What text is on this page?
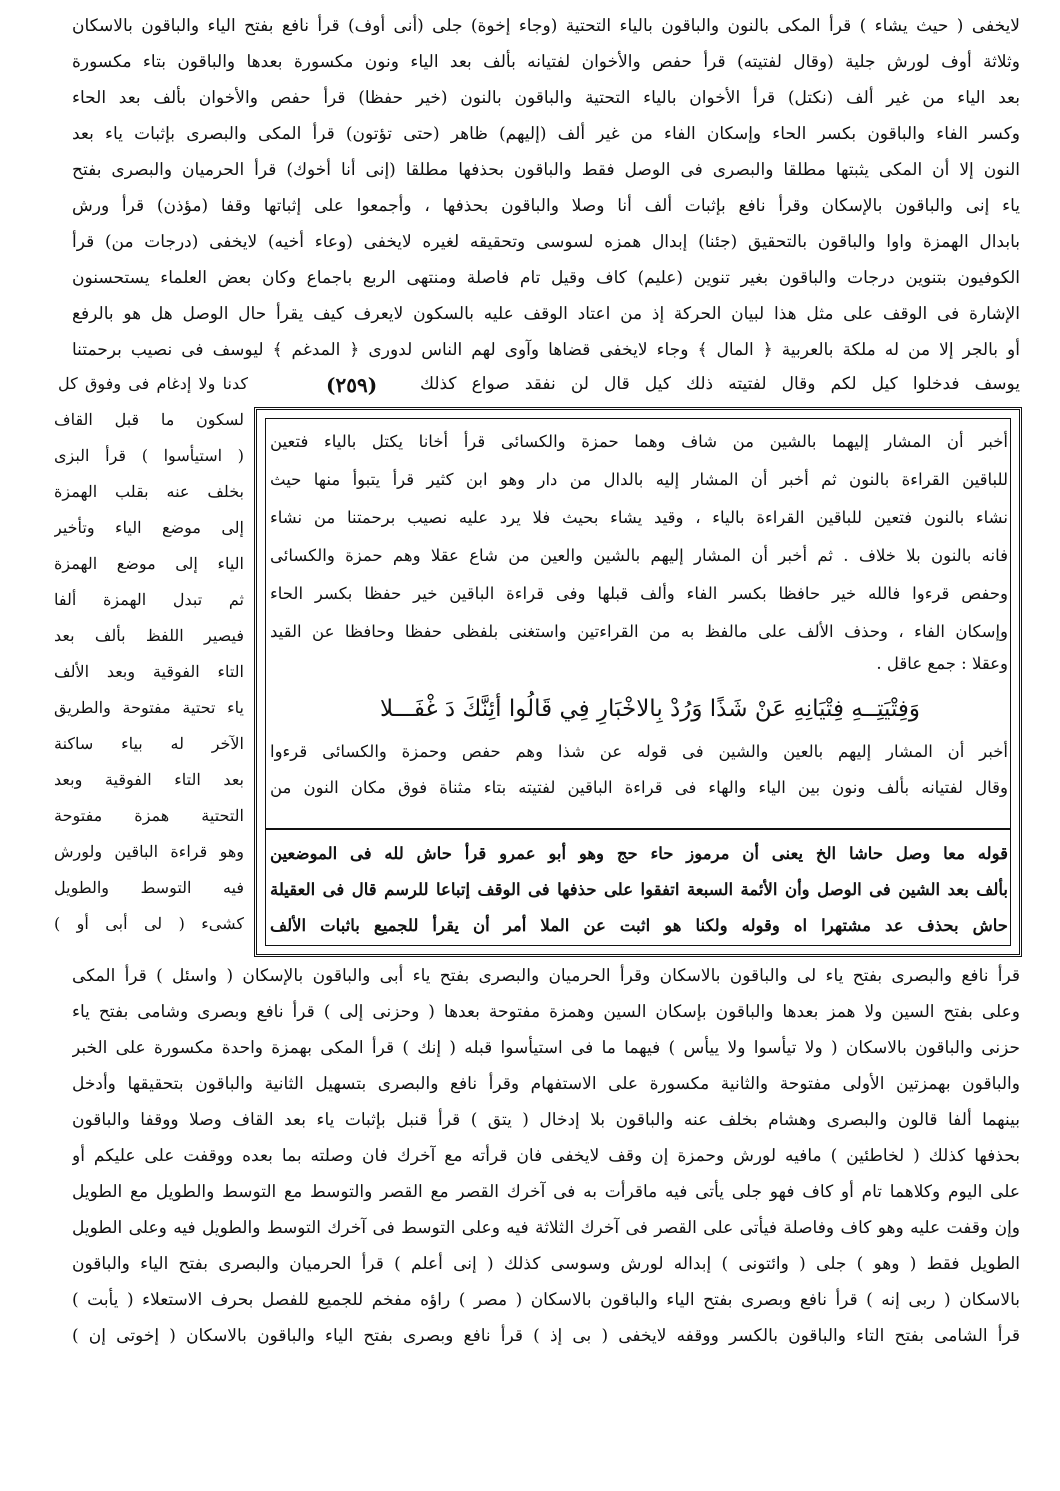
لايخفى ( حيث يشاء ) قرأ المكى بالنون والباقون بالياء التحتية (وجاء إخوة) جلى (أنى أوف) قرأ نافع بفتح الياء والباقون بالاسكان
وثلاثة أوف لورش جلية (وقال لفتيته) قرأ حفص والأخوان لفتيانه بألف بعد الياء ونون مكسورة بعدها والباقون بتاء مكسورة
بعد الياء من غير ألف (نكتل) قرأ الأخوان بالياء التحتية والباقون بالنون (خير حفظا) قرأ حفص والأخوان بألف بعد الحاء
وكسر الفاء والباقون بكسر الحاء وإسكان الفاء من غير ألف (إليهم) ظاهر (حتى تؤتون) قرأ المكى والبصرى بإثبات ياء بعد
النون إلا أن المكى يثبتها مطلقا والبصرى فى الوصل فقط والباقون بحذفها مطلقا (إنى أنا أخوك) قرأ الحرميان والبصرى بفتح
ياء إنى والباقون بالإسكان وقرأ نافع بإثبات ألف أنا وصلا والباقون بحذفها ، وأجمعوا على إثباتها وقفا (مؤذن) قرأ ورش
بابدال الهمزة واوا والباقون بالتحقيق (جئنا) إبدال همزه لسوسى وتحقيقه لغيره لايخفى (وعاء أخيه) لايخفى (درجات من) قرأ
الكوفيون بتنوين درجات والباقون بغير تنوين (عليم) كاف وقيل تام فاصلة ومنتهى الربع باجماع وكان بعض العلماء يستحسنون
الإشارة فى الوقف على مثل هذا لبيان الحركة إذ من اعتاد الوقف عليه بالسكون لايعرف كيف يقرأ حال الوصل هل هو بالرفع
أو بالجر إلا من له ملكة بالعربية ﴿ المال ﴾ وجاء لايخفى قضاها وآوى لهم الناس لدورى ﴿ المدغم ﴾ ليوسف فى نصيب برحمتنا
يوسف فدخلوا كيل لكم وقال لفتيته ذلك كيل قال لن نفقد صواع كذلك
(٢٥٩)
كدنا ولا إدغام فى وفوق كل
لسكون ما قبل القاف
( استيأسوا ) قرأ البزى
بخلف عنه بقلب الهمزة
إلى موضع الياء وتأخير
الياء إلى موضع الهمزة
ثم تبدل الهمزة ألفا
فيصير اللفظ بألف بعد
التاء الفوقية وبعد الألف
ياء تحتية مفتوحة والطريق
الآخر له بياء ساكنة
بعد التاء الفوقية وبعد
التحتية همزة مفتوحة
وهو قراءة الباقين ولورش
فيه التوسط والطويل
كشىء ( لى أبى أو )
أخبر أن المشار إليهما بالشين من شاف وهما حمزة والكسائى قرأ أخانا يكتل بالياء فتعين
للباقين القراءة بالنون ثم أخبر أن المشار إليه بالدال من دار وهو ابن كثير قرأ يتبوأ منها حيث
نشاء بالنون فتعين للباقين القراءة بالياء ، وقيد يشاء بحيث فلا يرد عليه نصيب برحمتنا من نشاء
فانه بالنون بلا خلاف . ثم أخبر أن المشار إليهم بالشين والعين من شاع عقلا وهم حمزة والكسائى
وحفص قرءوا فالله خير حافظا بكسر الفاء وألف قبلها وفى قراءة الباقين خير حفظا بكسر الحاء
وإسكان الفاء ، وحذف الألف على مالفظ به من القراءتين واستغنى بلفظى حفظا وحافظا عن القيد
وعقلا : جمع عاقل .
أخبر أن المشار إليهم بالعين والشين فى قوله عن شذا وهم حفص وحمزة والكسائى قرءوا
وقال لفتيانه بألف ونون بين الياء والهاء فى قراءة الباقين لفتيته بتاء مثناة فوق مكان النون من
قوله معا وصل حاشا الخ يعنى أن مرموز حاء حج وهو أبو عمرو قرأ حاش لله فى الموضعين
بألف بعد الشين فى الوصل وأن الأئمة السبعة اتفقوا على حذفها فى الوقف إتباعا للرسم قال فى العقيلة
حاش بحذف عد مشتهرا اه وقوله ولكنا هو اثبت عن الملا أمر أن يقرأ للجميع باثبات الألف
وَفِتْيَتِــهِ فِتْيَانِهِ عَنْ شَذًا وَرُدْ بِالاخْبَارِ فِي قَالُوا أئِنَّكَ دَ غْفَـــلا
قرأ نافع والبصرى بفتح ياء لى والباقون بالاسكان وقرأ الحرميان والبصرى بفتح ياء أبى والباقون بالإسكان ( واسئل ) قرأ المكى
وعلى بفتح السين ولا همز بعدها والباقون بإسكان السين وهمزة مفتوحة بعدها ( وحزنى إلى ) قرأ نافع وبصرى وشامى بفتح ياء
حزنى والباقون بالاسكان ( ولا تيأسوا ولا ييأس ) فيهما ما فى استيأسوا قبله ( إنك ) قرأ المكى بهمزة واحدة مكسورة على الخبر
والباقون بهمزتين الأولى مفتوحة والثانية مكسورة على الاستفهام وقرأ نافع والبصرى بتسهيل الثانية والباقون بتحقيقها وأدخل
بينهما ألفا قالون والبصرى وهشام بخلف عنه والباقون بلا إدخال ( يتق ) قرأ قنبل بإثبات ياء بعد القاف وصلا ووقفا والباقون
بحذفها كذلك ( لخاطئين ) مافيه لورش وحمزة إن وقف لايخفى فان قرأته مع آخرك فان وصلته بما بعده ووقفت على عليكم أو
على اليوم وكلاهما تام أو كاف فهو جلى يأتى فيه ماقرأت به فى آخرك القصر مع القصر والتوسط مع التوسط والطويل مع الطويل
وإن وقفت عليه وهو كاف وفاصلة فيأتى على القصر فى آخرك الثلاثة فيه وعلى التوسط فى آخرك التوسط والطويل فيه وعلى الطويل
الطويل فقط ( وهو ) جلى ( وائتونى ) إبداله لورش وسوسى كذلك ( إنى أعلم ) قرأ الحرميان والبصرى بفتح الياء والباقون
بالاسكان ( ربى إنه ) قرأ نافع وبصرى بفتح الياء والباقون بالاسكان ( مصر ) راؤه مفخم للجميع للفصل بحرف الاستعلاء ( يأبت )
قرأ الشامى بفتح التاء والباقون بالكسر ووقفه لايخفى ( بى إذ ) قرأ نافع وبصرى بفتح الياء والباقون بالاسكان ( إخوتى إن )
